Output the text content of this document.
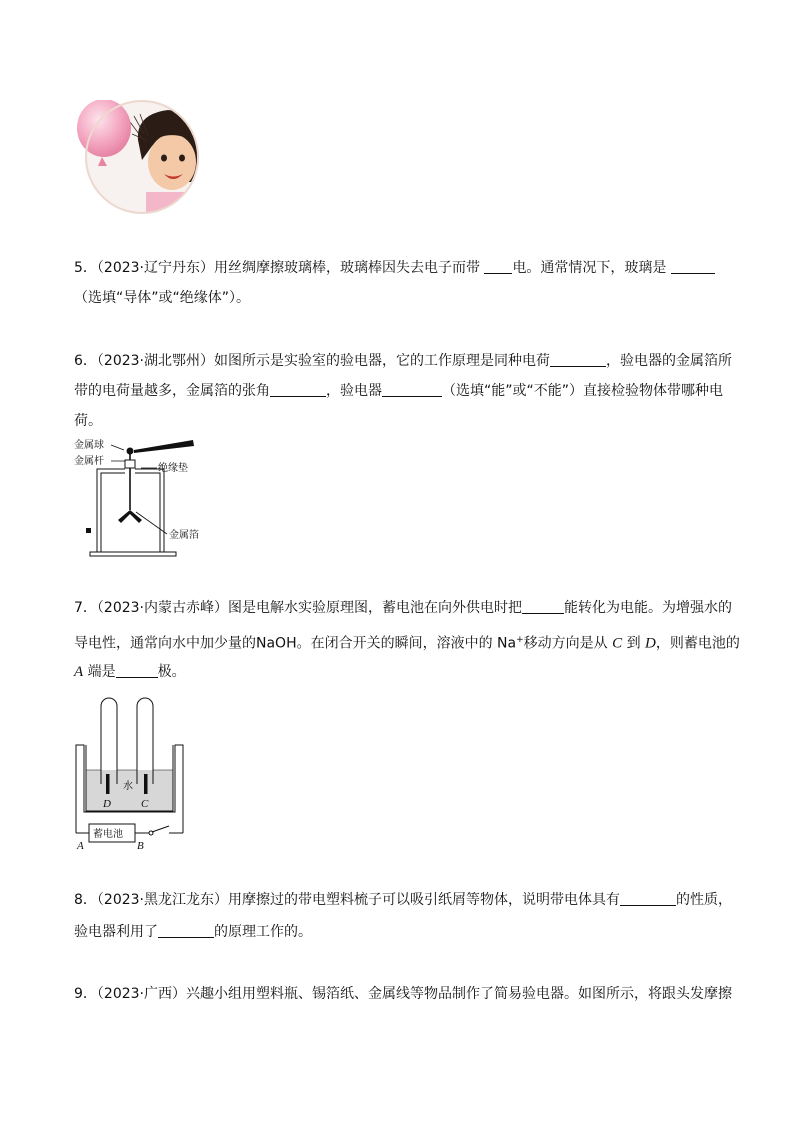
5．（2023·辽宁丹东）用丝绸摩擦玻璃棒，玻璃棒因失去电子而带 电。通常情况下，玻璃是
（选填“导体”或“绝缘体”）。
6．（2023·湖北鄂州）如图所示是实验室的验电器，它的工作原理是同种电荷	，验电器的金属箔所
带的电荷量越多，金属箔的张角	，验电器	（选填“能”或“不能”）直接检验物体带哪种电
荷。
金属球
金属杆
绝缘垫
金属箔
7．（2023·内蒙古赤峰）图是电解水实验原理图，蓄电池在向外供电时把	能转化为电能。为增强水的
导电性，通常向水中加少量的NaOH。在闭合开关的瞬间，溶液中的 Na+移动方向是从 C 到 D，则蓄电池的
A 端是	极。
水
D	C
蓄电池
A	B
8．（2023·黑龙江龙东）用摩擦过的带电塑料梳子可以吸引纸屑等物体，说明带电体具有	的性质，
验电器利用了	的原理工作的。
9．（2023·广西）兴趣小组用塑料瓶、锡箔纸、金属线等物品制作了简易验电器。如图所示，将跟头发摩擦
